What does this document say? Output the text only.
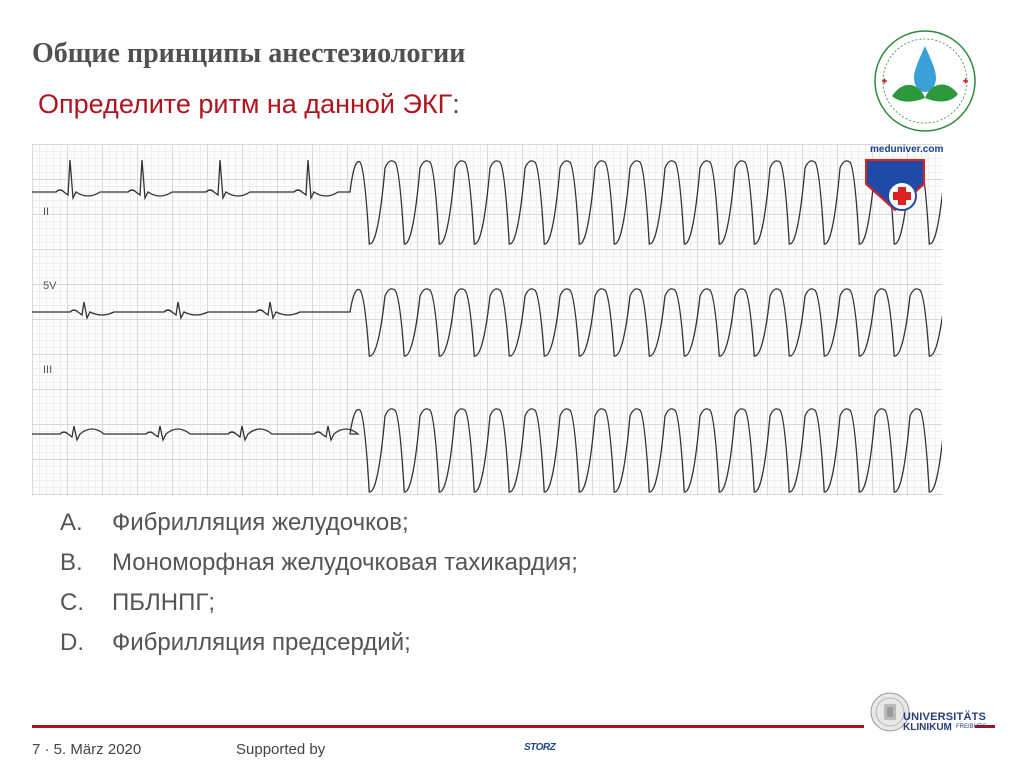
Общие принципы анестезиологии
Определите ритм на данной ЭКГ:
II
5V
III
meduniver.com
A.	Фибрилляция желудочков;
B.	Мономорфная желудочковая тахикардия;
C.	ПБЛНПГ;
D.	Фибрилляция предсердий;
7 · 5. März 2020	Supported by	STORZ
UNIVERSITÄTS
KLINIKUM FREIBURG
